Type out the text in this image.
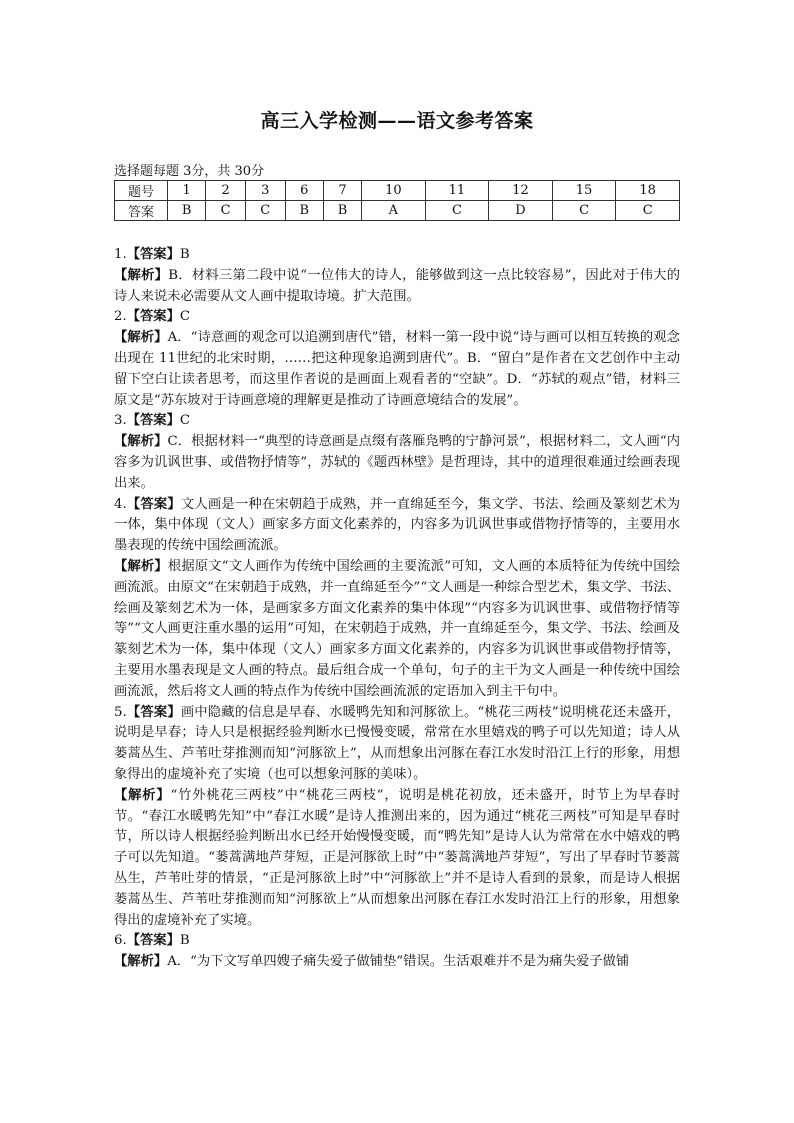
高三入学检测——语文参考答案
选择题每题 3分，共 30分
题号	1	2	3	6	7	10	11	12	15	18
答案	B	C	C	B	B	A	C	D	C	C

1.【答案】B

【解析】B．材料三第二段中说“一位伟大的诗人，能够做到这一点比较容易”，因此对于伟大的诗人来说未必需要从文人画中提取诗境。扩大范围。

2.【答案】C

【解析】A．“诗意画的观念可以追溯到唐代”错，材料一第一段中说“诗与画可以相互转换的观念出现在 11世纪的北宋时期，……把这种现象追溯到唐代”。B．“留白”是作者在文艺创作中主动留下空白让读者思考，而这里作者说的是画面上观看者的“空缺”。D．“苏轼的观点”错，材料三原文是“苏东坡对于诗画意境的理解更是推动了诗画意境结合的发展”。

3.【答案】C

【解析】C．根据材料一“典型的诗意画是点缀有落雁凫鸭的宁静河景”，根据材料二，文人画“内容多为讥讽世事、或借物抒情等”，苏轼的《题西林壁》是哲理诗，其中的道理很难通过绘画表现出来。

4.【答案】文人画是一种在宋朝趋于成熟，并一直绵延至今，集文学、书法、绘画及篆刻艺术为一体，集中体现（文人）画家多方面文化素养的，内容多为讥讽世事或借物抒情等的，主要用水墨表现的传统中国绘画流派。

【解析】根据原文“文人画作为传统中国绘画的主要流派”可知，文人画的本质特征为传统中国绘画流派。由原文“在宋朝趋于成熟，并一直绵延至今”“文人画是一种综合型艺术，集文学、书法、绘画及篆刻艺术为一体，是画家多方面文化素养的集中体现”“内容多为讥讽世事、或借物抒情等等”“文人画更注重水墨的运用”可知，在宋朝趋于成熟，并一直绵延至今，集文学、书法、绘画及篆刻艺术为一体，集中体现（文人）画家多方面文化素养的，内容多为讥讽世事或借物抒情等，主要用水墨表现是文人画的特点。最后组合成一个单句，句子的主干为文人画是一种传统中国绘画流派，然后将文人画的特点作为传统中国绘画流派的定语加入到主干句中。

5.【答案】画中隐藏的信息是早春、水暖鸭先知和河豚欲上。“桃花三两枝”说明桃花还未盛开，说明是早春；诗人只是根据经验判断水已慢慢变暖，常常在水里嬉戏的鸭子可以先知道；诗人从蒌蒿丛生、芦苇吐芽推测而知“河豚欲上”，从而想象出河豚在春江水发时沿江上行的形象，用想象得出的虚境补充了实境（也可以想象河豚的美味）。

【解析】“竹外桃花三两枝”中“桃花三两枝”，说明是桃花初放，还未盛开，时节上为早春时节。“春江水暖鸭先知”中“春江水暖”是诗人推测出来的，因为通过“桃花三两枝”可知是早春时节，所以诗人根据经验判断出水已经开始慢慢变暖，而“鸭先知”是诗人认为常常在水中嬉戏的鸭子可以先知道。“蒌蒿满地芦芽短，正是河豚欲上时”中“蒌蒿满地芦芽短”，写出了早春时节蒌蒿丛生，芦苇吐芽的情景，“正是河豚欲上时”中“河豚欲上”并不是诗人看到的景象，而是诗人根据蒌蒿丛生、芦苇吐芽推测而知“河豚欲上”从而想象出河豚在春江水发时沿江上行的形象，用想象得出的虚境补充了实境。

6.【答案】B

【解析】A．“为下文写单四嫂子痛失爱子做铺垫”错误。生活艰难并不是为痛失爱子做铺
